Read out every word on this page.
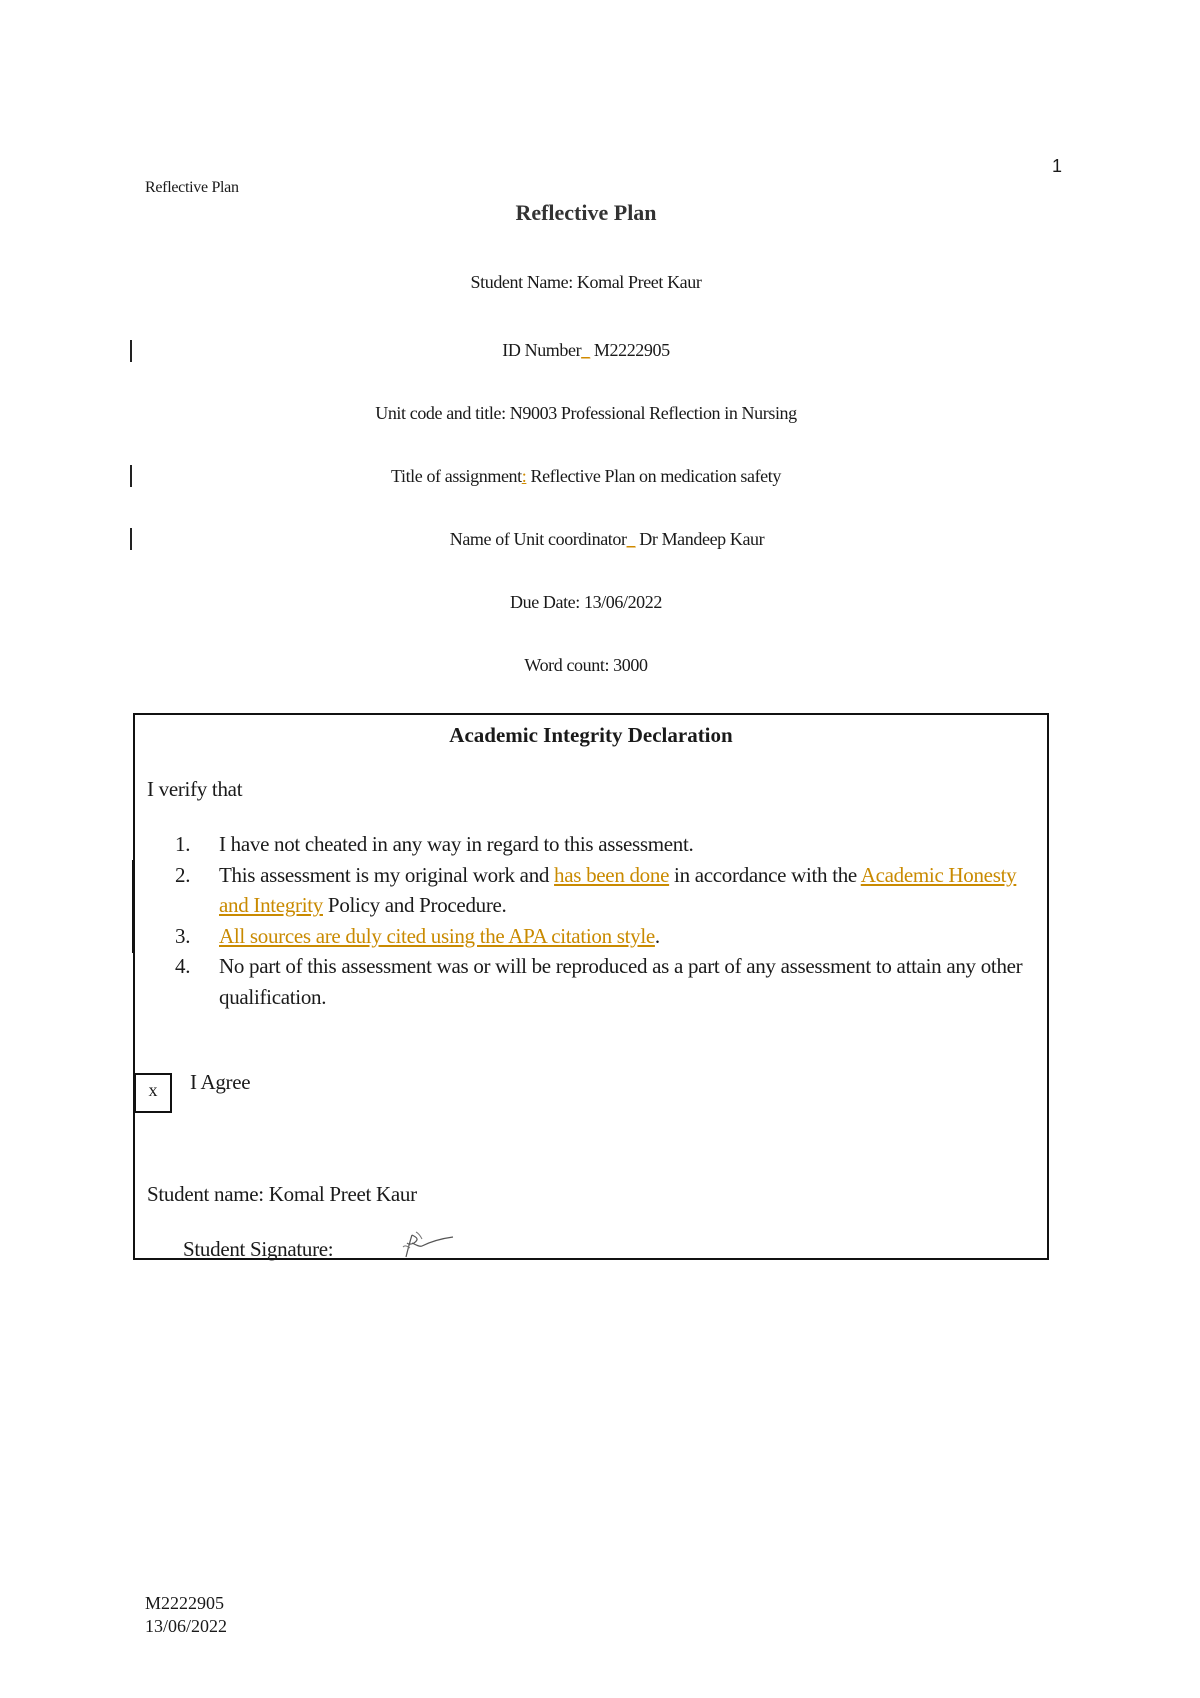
1
Reflective Plan
Reflective Plan
Student Name: Komal Preet Kaur
ID Number_ M2222905
Unit code and title: N9003 Professional Reflection in Nursing
Title of assignment: Reflective Plan on medication safety
Name of Unit coordinator_ Dr Mandeep Kaur
Due Date: 13/06/2022
Word count: 3000
Academic Integrity Declaration
I verify that
1. I have not cheated in any way in regard to this assessment.
2. This assessment is my original work and has been done in accordance with the Academic Honesty and Integrity Policy and Procedure.
3. All sources are duly cited using the APA citation style.
4. No part of this assessment was or will be reproduced as a part of any assessment to attain any other qualification.
x	I Agree
Student name: Komal Preet Kaur
Student Signature:
M2222905
13/06/2022
